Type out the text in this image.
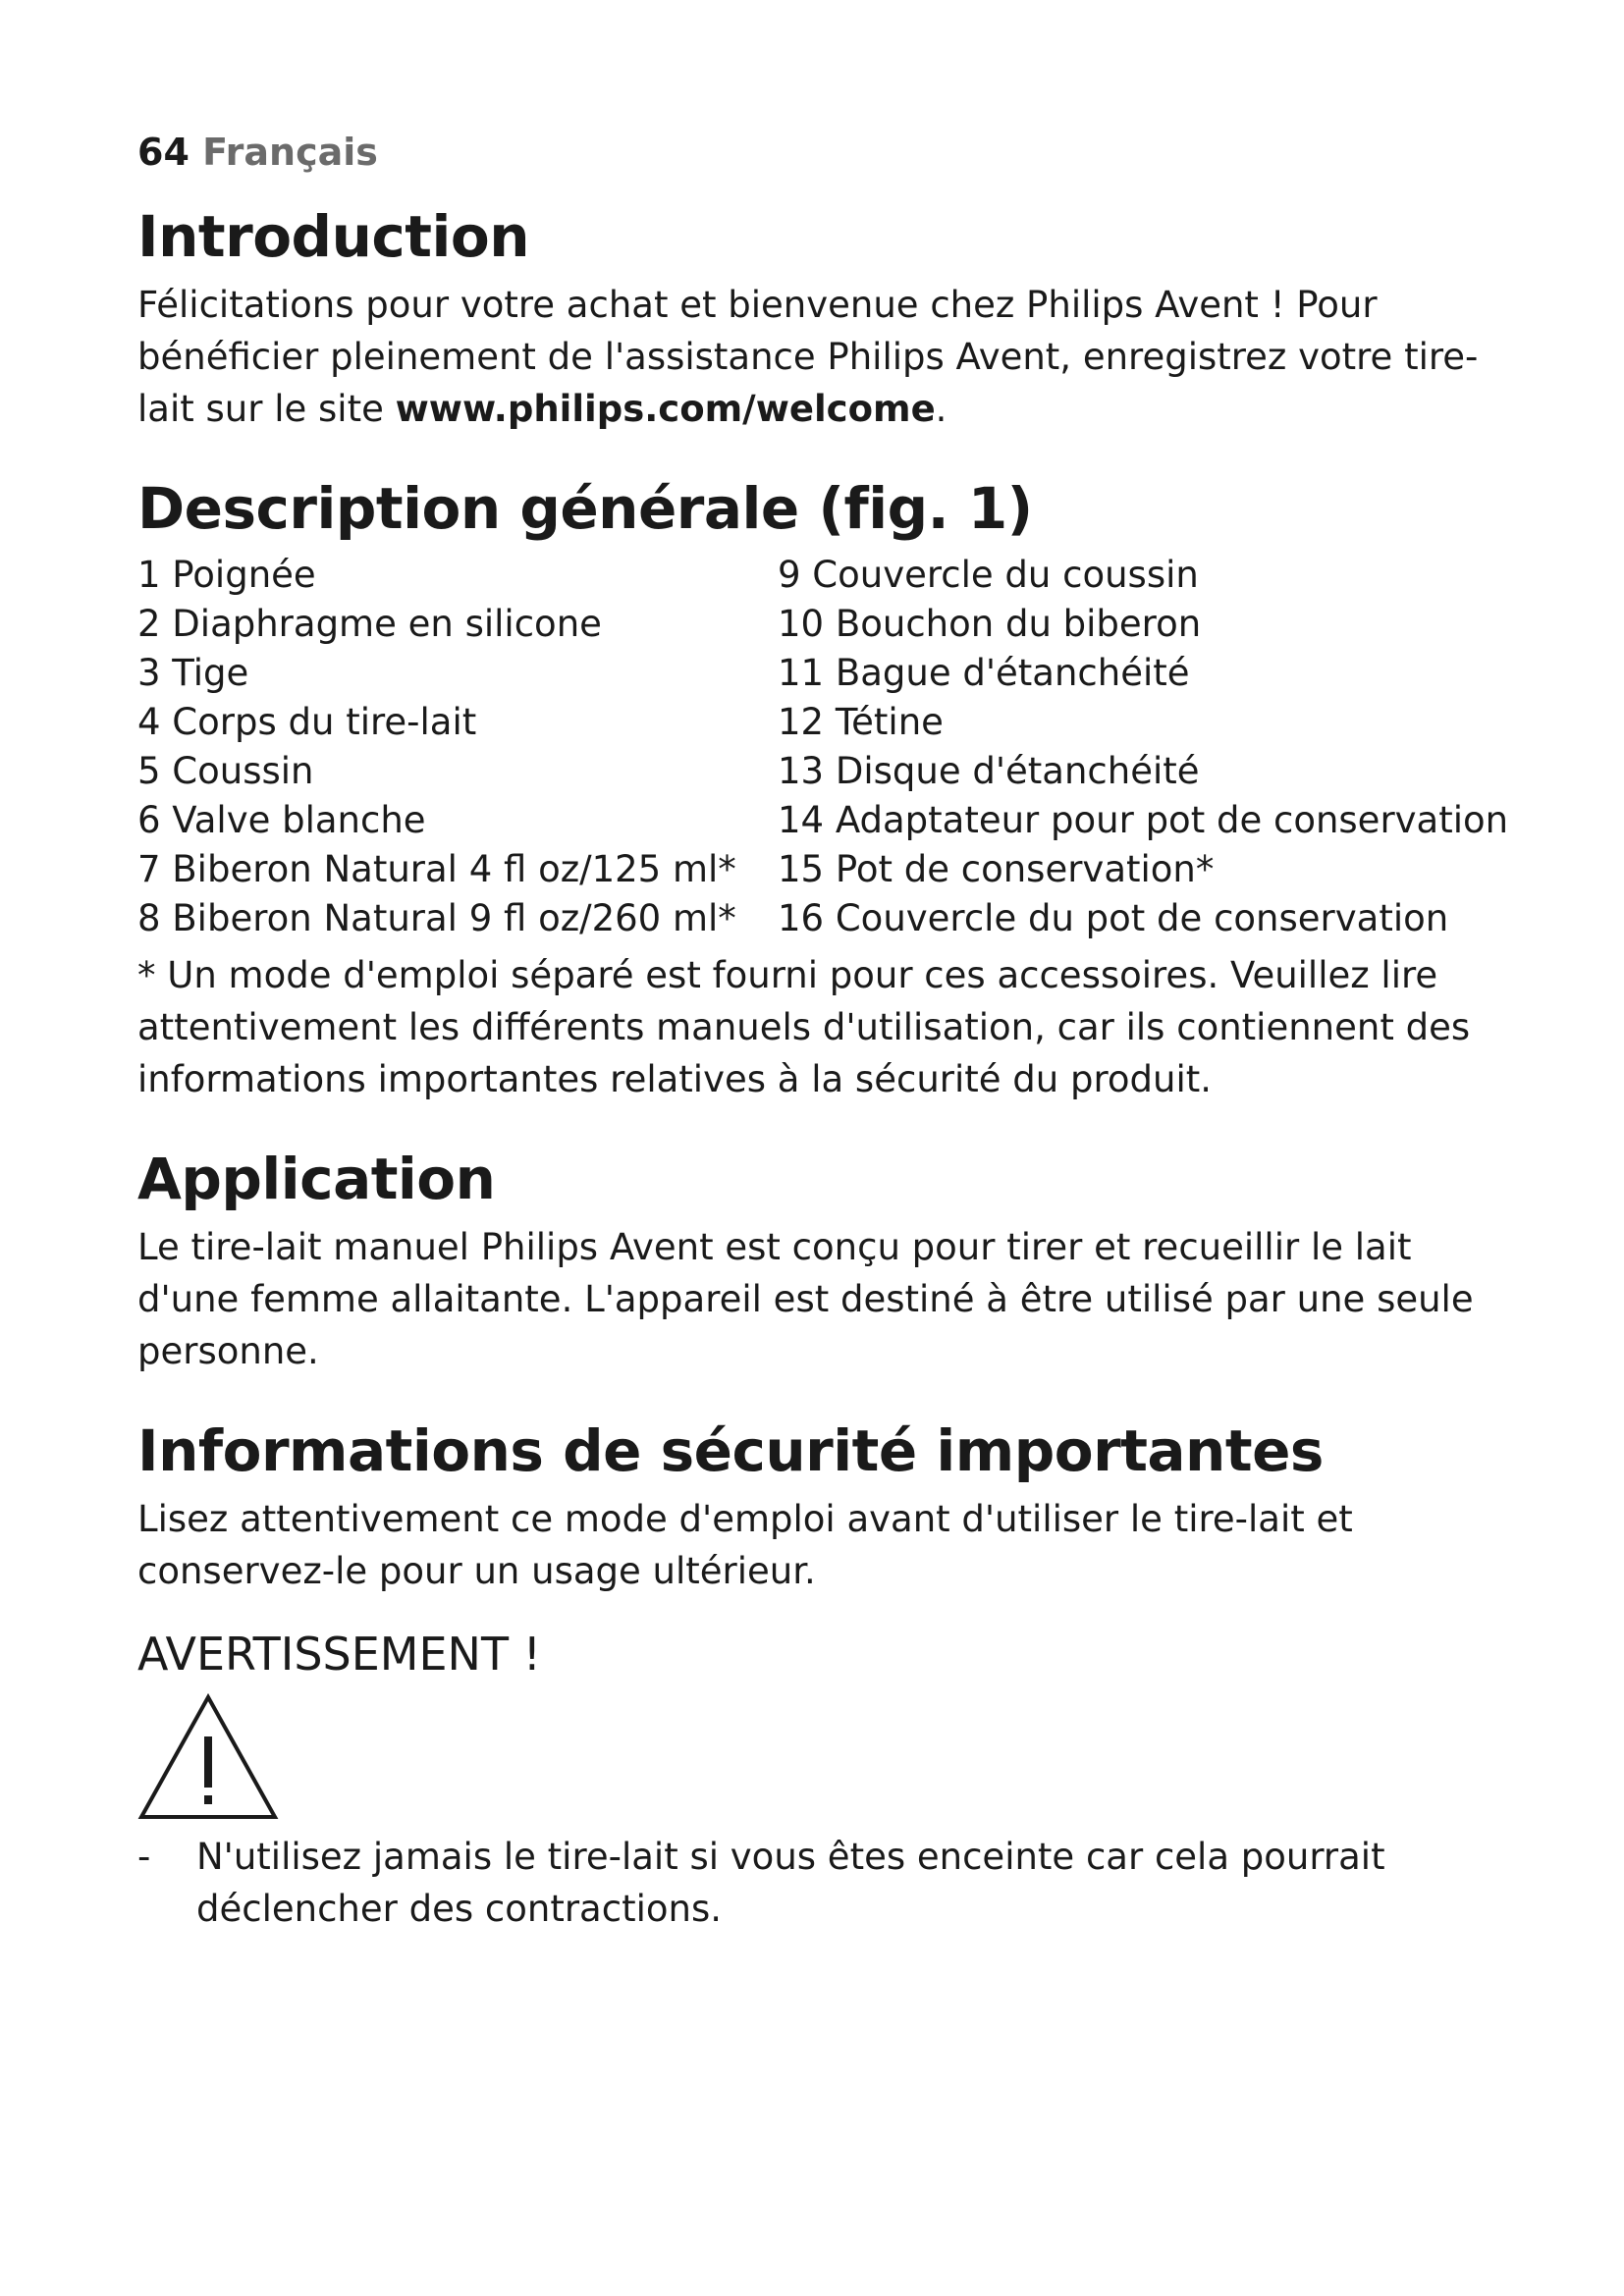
64 Français
Introduction

Félicitations pour votre achat et bienvenue chez Philips Avent ! Pour bénéficier pleinement de l'assistance Philips Avent, enregistrez votre tire-lait sur le site www.philips.com/welcome.

Description générale (fig. 1)
1 Poignée
2 Diaphragme en silicone
3 Tige
4 Corps du tire-lait
5 Coussin
6 Valve blanche
7 Biberon Natural 4 fl oz/125 ml*
8 Biberon Natural 9 fl oz/260 ml*
9 Couvercle du coussin
10 Bouchon du biberon
11 Bague d'étanchéité
12 Tétine
13 Disque d'étanchéité
14 Adaptateur pour pot de conservation
15 Pot de conservation*
16 Couvercle du pot de conservation

* Un mode d'emploi séparé est fourni pour ces accessoires. Veuillez lire attentivement les différents manuels d'utilisation, car ils contiennent des informations importantes relatives à la sécurité du produit.

Application

Le tire-lait manuel Philips Avent est conçu pour tirer et recueillir le lait d'une femme allaitante. L'appareil est destiné à être utilisé par une seule personne.

Informations de sécurité importantes

Lisez attentivement ce mode d'emploi avant d'utiliser le tire-lait et conservez-le pour un usage ultérieur.

AVERTISSEMENT !
-	N'utilisez jamais le tire-lait si vous êtes enceinte car cela pourrait déclencher des contractions.
